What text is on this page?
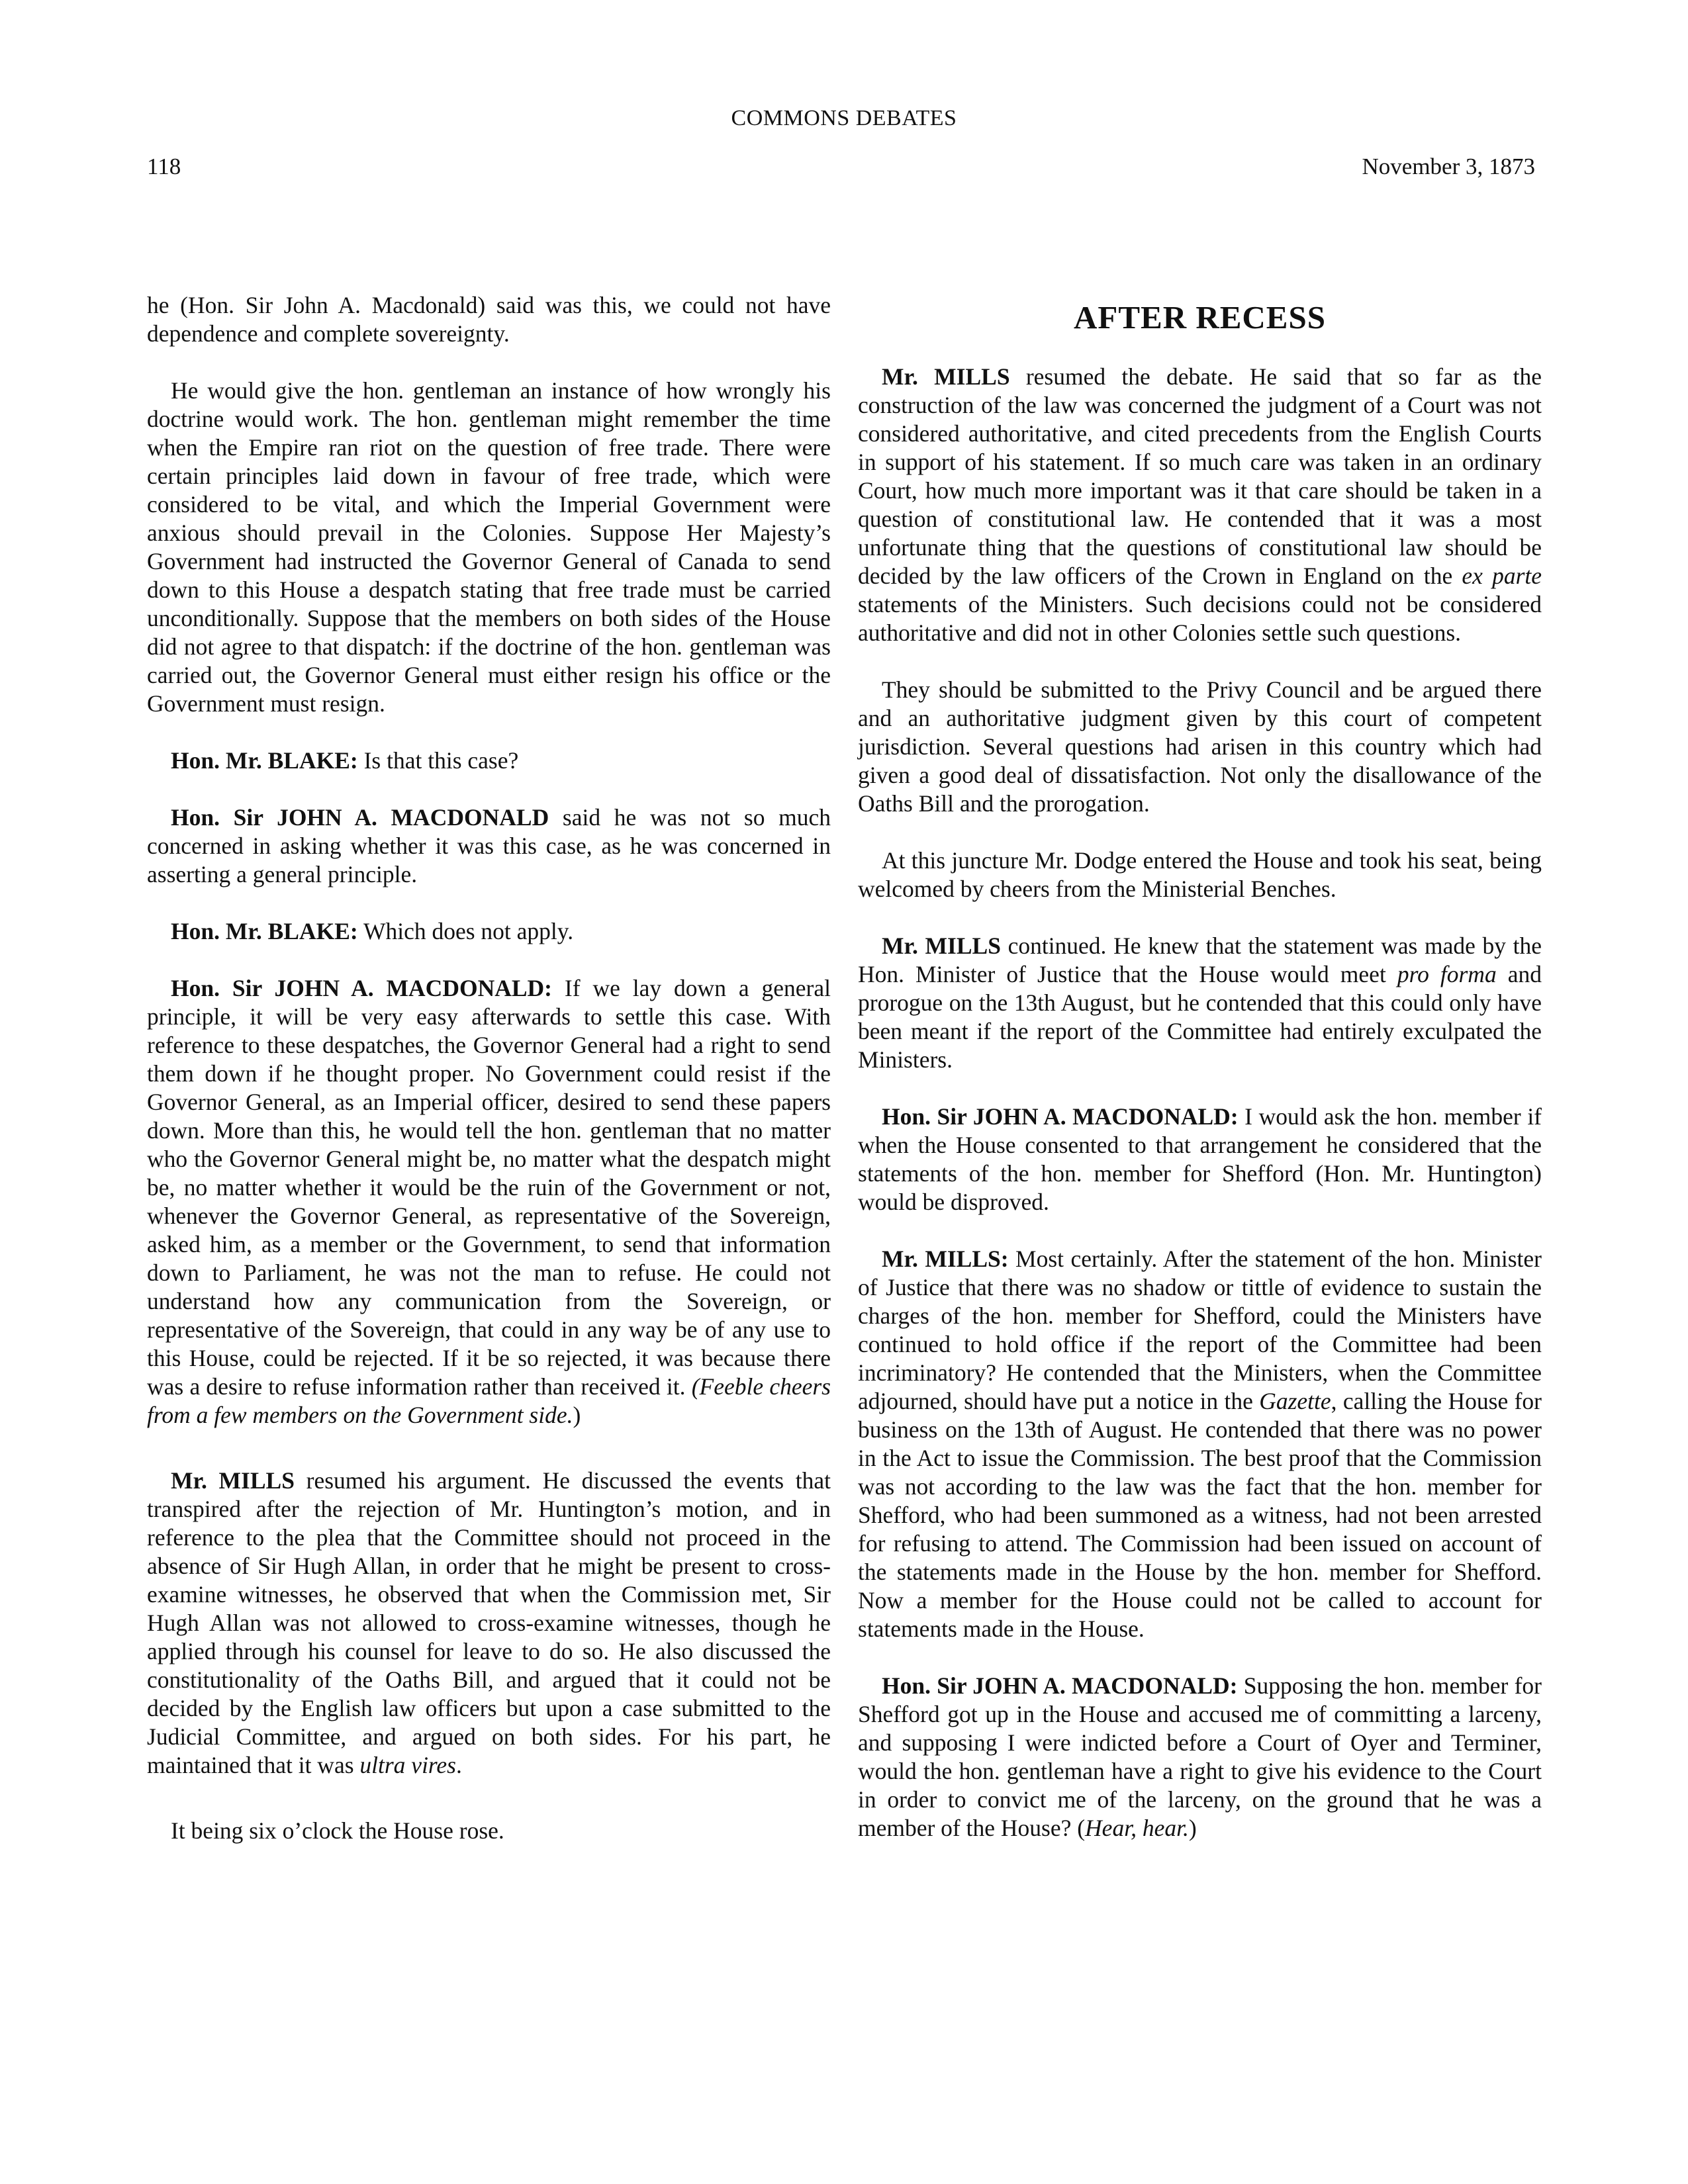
COMMONS DEBATES
118	November 3, 1873

he (Hon. Sir John A. Macdonald) said was this, we could not have dependence and complete sovereignty.

He would give the hon. gentleman an instance of how wrongly his doctrine would work. The hon. gentleman might remember the time when the Empire ran riot on the question of free trade. There were certain principles laid down in favour of free trade, which were considered to be vital, and which the Imperial Government were anxious should prevail in the Colonies. Suppose Her Majesty’s Government had instructed the Governor General of Canada to send down to this House a despatch stating that free trade must be carried unconditionally. Suppose that the members on both sides of the House did not agree to that dispatch: if the doctrine of the hon. gentleman was carried out, the Governor General must either resign his office or the Government must resign.

Hon. Mr. BLAKE: Is that this case?

Hon. Sir JOHN A. MACDONALD said he was not so much concerned in asking whether it was this case, as he was concerned in asserting a general principle.

Hon. Mr. BLAKE: Which does not apply.

Hon. Sir JOHN A. MACDONALD: If we lay down a general principle, it will be very easy afterwards to settle this case. With reference to these despatches, the Governor General had a right to send them down if he thought proper. No Government could resist if the Governor General, as an Imperial officer, desired to send these papers down. More than this, he would tell the hon. gentleman that no matter who the Governor General might be, no matter what the despatch might be, no matter whether it would be the ruin of the Government or not, whenever the Governor General, as representative of the Sovereign, asked him, as a member or the Government, to send that information down to Parliament, he was not the man to refuse. He could not understand how any communication from the Sovereign, or representative of the Sovereign, that could in any way be of any use to this House, could be rejected. If it be so rejected, it was because there was a desire to refuse information rather than received it. (Feeble cheers from a few members on the Government side.)

Mr. MILLS resumed his argument. He discussed the events that transpired after the rejection of Mr. Huntington’s motion, and in reference to the plea that the Committee should not proceed in the absence of Sir Hugh Allan, in order that he might be present to cross-examine witnesses, he observed that when the Commission met, Sir Hugh Allan was not allowed to cross-examine witnesses, though he applied through his counsel for leave to do so. He also discussed the constitutionality of the Oaths Bill, and argued that it could not be decided by the English law officers but upon a case submitted to the Judicial Committee, and argued on both sides. For his part, he maintained that it was ultra vires.

It being six o’clock the House rose.

AFTER RECESS

Mr. MILLS resumed the debate. He said that so far as the construction of the law was concerned the judgment of a Court was not considered authoritative, and cited precedents from the English Courts in support of his statement. If so much care was taken in an ordinary Court, how much more important was it that care should be taken in a question of constitutional law. He contended that it was a most unfortunate thing that the questions of constitutional law should be decided by the law officers of the Crown in England on the ex parte statements of the Ministers. Such decisions could not be considered authoritative and did not in other Colonies settle such questions.

They should be submitted to the Privy Council and be argued there and an authoritative judgment given by this court of competent jurisdiction. Several questions had arisen in this country which had given a good deal of dissatisfaction. Not only the disallowance of the Oaths Bill and the prorogation.

At this juncture Mr. Dodge entered the House and took his seat, being welcomed by cheers from the Ministerial Benches.

Mr. MILLS continued. He knew that the statement was made by the Hon. Minister of Justice that the House would meet pro forma and prorogue on the 13th August, but he contended that this could only have been meant if the report of the Committee had entirely exculpated the Ministers.

Hon. Sir JOHN A. MACDONALD: I would ask the hon. member if when the House consented to that arrangement he considered that the statements of the hon. member for Shefford (Hon. Mr. Huntington) would be disproved.

Mr. MILLS: Most certainly. After the statement of the hon. Minister of Justice that there was no shadow or tittle of evidence to sustain the charges of the hon. member for Shefford, could the Ministers have continued to hold office if the report of the Committee had been incriminatory? He contended that the Ministers, when the Committee adjourned, should have put a notice in the Gazette, calling the House for business on the 13th of August. He contended that there was no power in the Act to issue the Commission. The best proof that the Commission was not according to the law was the fact that the hon. member for Shefford, who had been summoned as a witness, had not been arrested for refusing to attend. The Commission had been issued on account of the statements made in the House by the hon. member for Shefford. Now a member for the House could not be called to account for statements made in the House.

Hon. Sir JOHN A. MACDONALD: Supposing the hon. member for Shefford got up in the House and accused me of committing a larceny, and supposing I were indicted before a Court of Oyer and Terminer, would the hon. gentleman have a right to give his evidence to the Court in order to convict me of the larceny, on the ground that he was a member of the House? (Hear, hear.)
